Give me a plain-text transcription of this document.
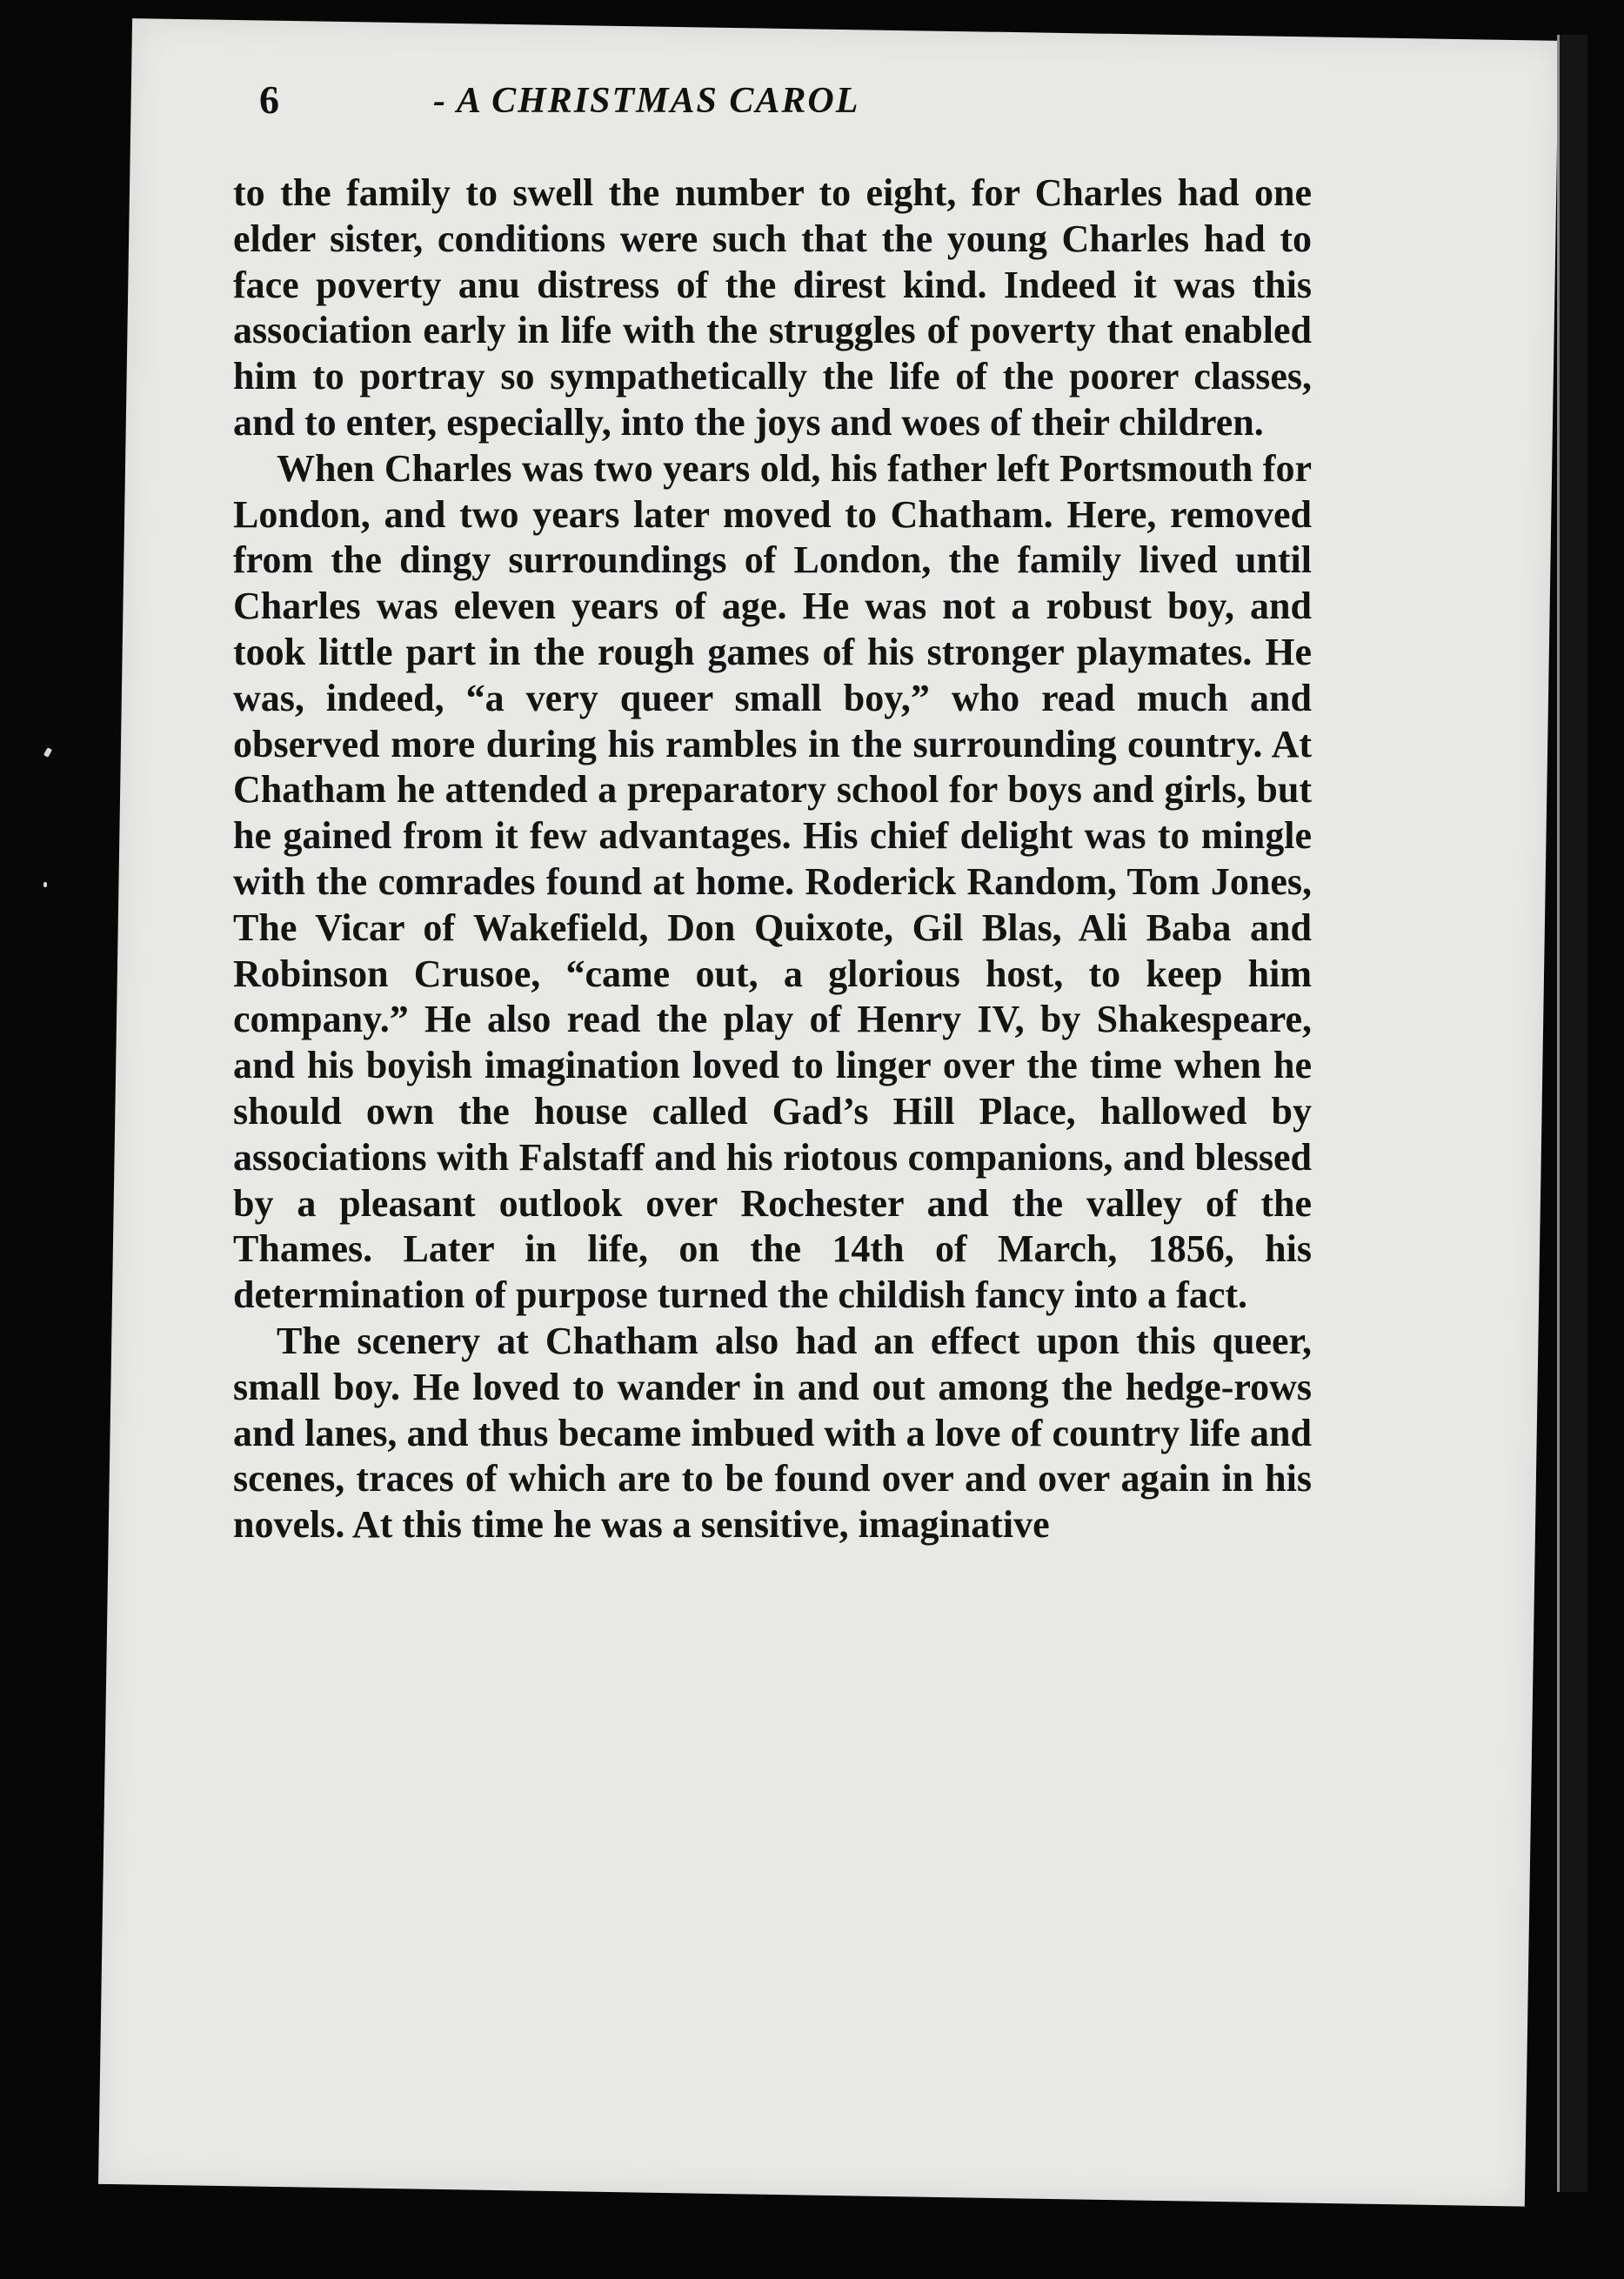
6	- A CHRISTMAS CAROL

to the family to swell the number to eight, for Charles had one elder sister, conditions were such that the young Charles had to face poverty anu distress of the direst kind. Indeed it was this association early in life with the struggles of poverty that enabled him to portray so sympathetically the life of the poorer classes, and to enter, especially, into the joys and woes of their children.

When Charles was two years old, his father left Portsmouth for London, and two years later moved to Chatham. Here, removed from the dingy surroundings of London, the family lived until Charles was eleven years of age. He was not a robust boy, and took little part in the rough games of his stronger playmates. He was, indeed, “a very queer small boy,” who read much and observed more during his rambles in the surrounding country. At Chatham he attended a preparatory school for boys and girls, but he gained from it few advantages. His chief delight was to mingle with the comrades found at home. Roderick Random, Tom Jones, The Vicar of Wakefield, Don Quixote, Gil Blas, Ali Baba and Robinson Crusoe, “came out, a glorious host, to keep him company.” He also read the play of Henry IV, by Shakespeare, and his boyish imagination loved to linger over the time when he should own the house called Gad’s Hill Place, hallowed by associations with Falstaff and his riotous companions, and blessed by a pleasant outlook over Rochester and the valley of the Thames. Later in life, on the 14th of March, 1856, his determination of purpose turned the childish fancy into a fact.

The scenery at Chatham also had an effect upon this queer, small boy. He loved to wander in and out among the hedge-rows and lanes, and thus became imbued with a love of country life and scenes, traces of which are to be found over and over again in his novels. At this time he was a sensitive, imaginative
